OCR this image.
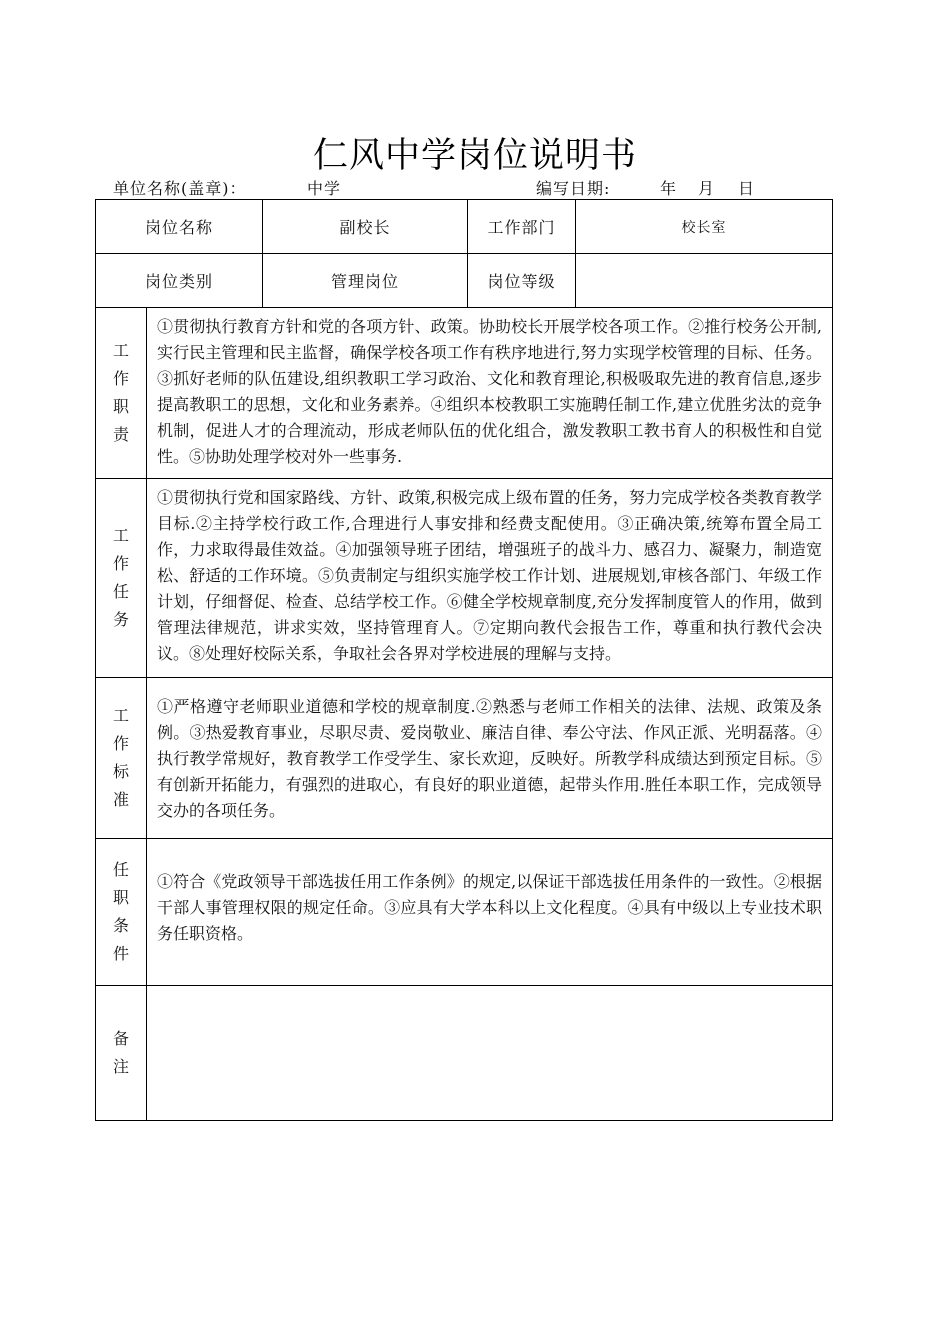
仁风中学岗位说明书
单位名称(盖章)：	中学	编写日期:	年 月 日
岗位名称		副校长	工作部门	校长室
岗位类别		管理岗位	岗位等级	

工作职责	①贯彻执行教育方针和党的各项方针、政策。协助校长开展学校各项工作。②推行校务公开制,实行民主管理和民主监督，确保学校各项工作有秩序地进行,努力实现学校管理的目标、任务。③抓好老师的队伍建设,组织教职工学习政治、文化和教育理论,积极吸取先进的教育信息,逐步提高教职工的思想，文化和业务素养。④组织本校教职工实施聘任制工作,建立优胜劣汰的竞争机制，促进人才的合理流动，形成老师队伍的优化组合，激发教职工教书育人的积极性和自觉性。⑤协助处理学校对外一些事务.			

工作任务	①贯彻执行党和国家路线、方针、政策,积极完成上级布置的任务，努力完成学校各类教育教学目标.②主持学校行政工作,合理进行人事安排和经费支配使用。③正确决策,统筹布置全局工作，力求取得最佳效益。④加强领导班子团结，增强班子的战斗力、感召力、凝聚力，制造宽松、舒适的工作环境。⑤负责制定与组织实施学校工作计划、进展规划,审核各部门、年级工作计划，仔细督促、检查、总结学校工作。⑥健全学校规章制度,充分发挥制度管人的作用，做到管理法律规范，讲求实效，坚持管理育人。⑦定期向教代会报告工作，尊重和执行教代会决议。⑧处理好校际关系，争取社会各界对学校进展的理解与支持。			

工作标准	①严格遵守老师职业道德和学校的规章制度.②熟悉与老师工作相关的法律、法规、政策及条例。③热爱教育事业，尽职尽责、爱岗敬业、廉洁自律、奉公守法、作风正派、光明磊落。④执行教学常规好，教育教学工作受学生、家长欢迎，反映好。所教学科成绩达到预定目标。⑤有创新开拓能力，有强烈的进取心，有良好的职业道德，起带头作用.胜任本职工作，完成领导交办的各项任务。			

任职条件	①符合《党政领导干部选拔任用工作条例》的规定,以保证干部选拔任用条件的一致性。②根据干部人事管理权限的规定任命。③应具有大学本科以上文化程度。④具有中级以上专业技术职务任职资格。			

备注				
